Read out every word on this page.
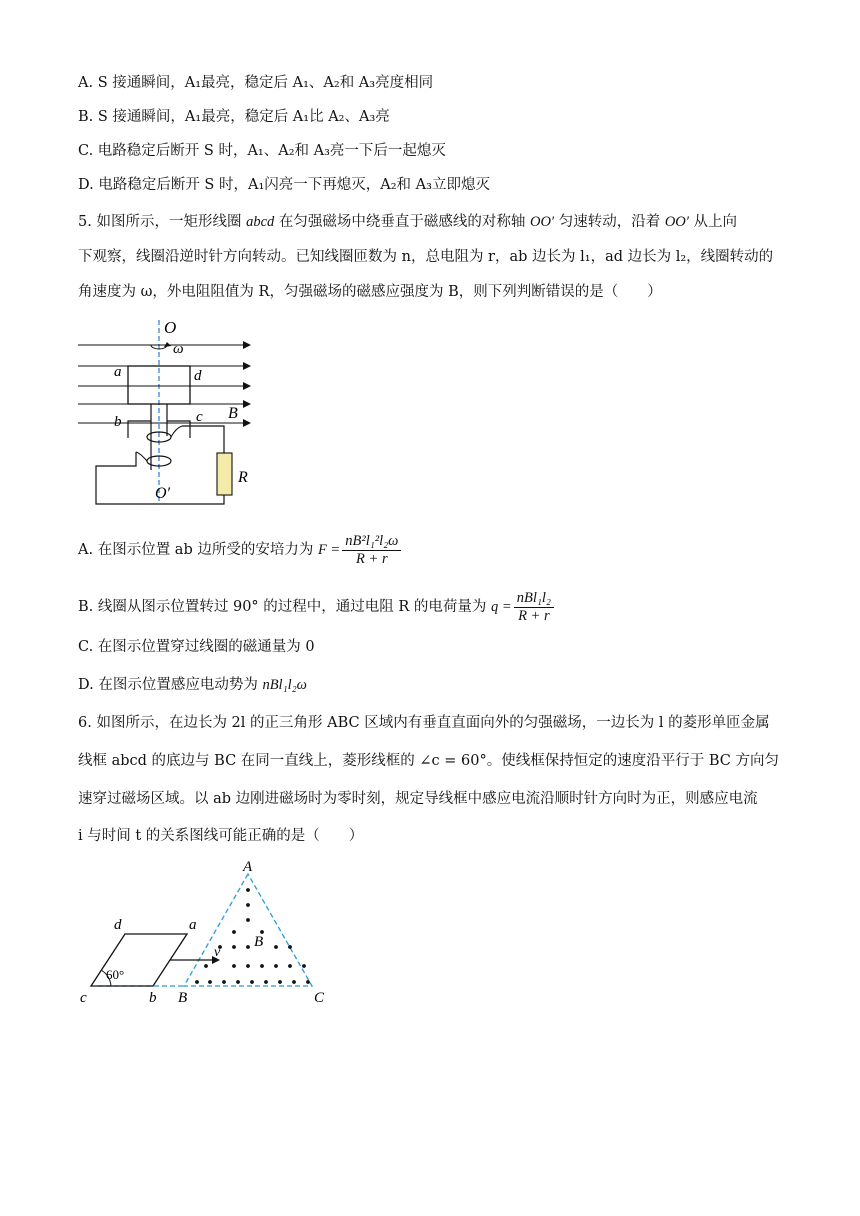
A. S 接通瞬间，A₁最亮，稳定后 A₁、A₂和 A₃亮度相同
B. S 接通瞬间，A₁最亮，稳定后 A₁比 A₂、A₃亮
C. 电路稳定后断开 S 时，A₁、A₂和 A₃亮一下后一起熄灭
D. 电路稳定后断开 S 时，A₁闪亮一下再熄灭，A₂和 A₃立即熄灭
5. 如图所示，一矩形线圈 abcd 在匀强磁场中绕垂直于磁感线的对称轴 OO′ 匀速转动，沿着 OO′ 从上向
下观察，线圈沿逆时针方向转动。已知线圈匝数为 n，总电阻为 r，ab 边长为 l₁，ad 边长为 l₂，线圈转动的
角速度为 ω，外电阻阻值为 R，匀强磁场的磁感应强度为 B，则下列判断错误的是（　　）
O
ω
a	d
b	c B
R
O′
A. 在图示位置 ab 边所受的安培力为 $F = \frac{\text{nB²l₁²l₂ω}}{R + r}$
B. 线圈从图示位置转过 90° 的过程中，通过电阻 R 的电荷量为 $q = \frac{\text{nBl₁l₂}}{R + r}$
C. 在图示位置穿过线圈的磁通量为 0
D. 在图示位置感应电动势为 nBl₁l₂ω
6. 如图所示，在边长为 2l 的正三角形 ABC 区域内有垂直直面向外的匀强磁场，一边长为 l 的菱形单匝金属
线框 abcd 的底边与 BC 在同一直线上，菱形线框的 ∠c = 60°。使线框保持恒定的速度沿平行于 BC 方向匀
速穿过磁场区域。以 ab 边刚进磁场时为零时刻，规定导线框中感应电流沿顺时针方向时为正，则感应电流
i 与时间 t 的关系图线可能正确的是（　　）
A
B
d	a
60°
v
c	b B	C
